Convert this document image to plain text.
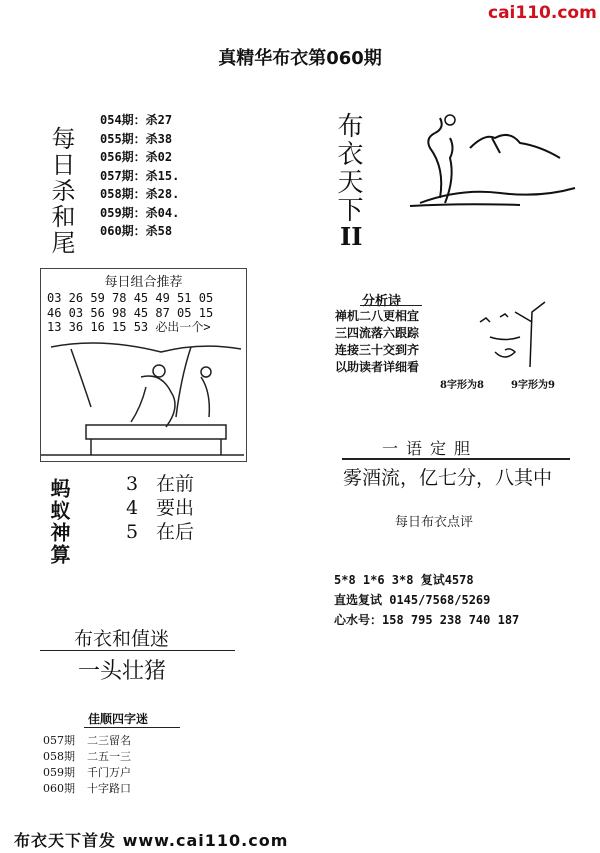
cai110.com
真精华布衣第060期
每日杀和尾
054期：杀27
055期：杀38
056期：杀02
057期：杀15.
058期：杀28.
059期：杀04.
060期：杀58
布衣天下
II
每日组合推荐
03 26 59 78 45 49 51 05
46 03 56 98 45 87 05 15
13 36 16 15 53 必出一个>
分析诗
禅机二八更相宜
三四流落六跟踪
连接三十交到齐
以助读者详细看
8字形为8	9字形为9
一语定胆
雾酒流，亿七分，八其中
每日布衣点评
蚂蚁神算	3 在前
4 要出
5 在后
5*8 1*6 3*8 复试4578
直选复试 0145/7568/5269
心水号：158 795 238 740 187
布衣和值迷
一头壮猪
佳顺四字迷
057期 二三留名
058期 二五一三
059期 千门万户
060期 十字路口
布衣天下首发 www.cai110.com
